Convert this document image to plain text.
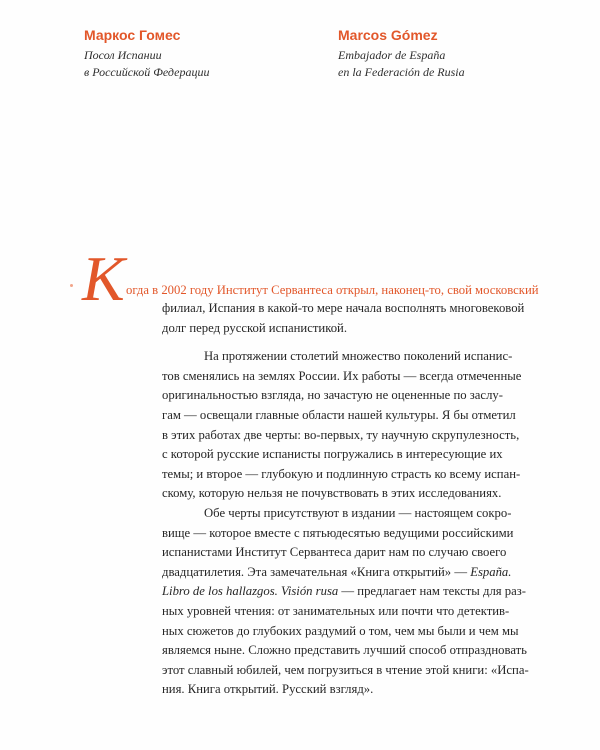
Маркос Гомес
Посол Испании
в Российской Федерации
Marcos Gómez
Embajador de España
en la Federación de Rusia
К огда в 2002 году Институт Сервантеса открыл, наконец-то, свой московский
филиал, Испания в какой-то мере начала восполнять многовековой
долг перед русской испанистикой.
На протяжении столетий множество поколений испанис-
тов сменялись на землях России. Их работы — всегда отмеченные
оригинальностью взгляда, но зачастую не оцененные по заслу-
гам — освещали главные области нашей культуры. Я бы отметил
в этих работах две черты: во-первых, ту научную скрупулезность,
с которой русские испанисты погружались в интересующие их
темы; и второе — глубокую и подлинную страсть ко всему испан-
скому, которую нельзя не почувствовать в этих исследованиях.
Обе черты присутствуют в издании — настоящем сокро-
вище — которое вместе с пятьюдесятью ведущими российскими
испанистами Институт Сервантеса дарит нам по случаю своего
двадцатилетия. Эта замечательная «Книга открытий» — España.
Libro de los hallazgos. Visión rusa — предлагает нам тексты для раз-
ных уровней чтения: от занимательных или почти что детектив-
ных сюжетов до глубоких раздумий о том, чем мы были и чем мы
являемся ныне. Сложно представить лучший способ отпраздновать
этот славный юбилей, чем погрузиться в чтение этой книги: «Испа-
ния. Книга открытий. Русский взгляд».
